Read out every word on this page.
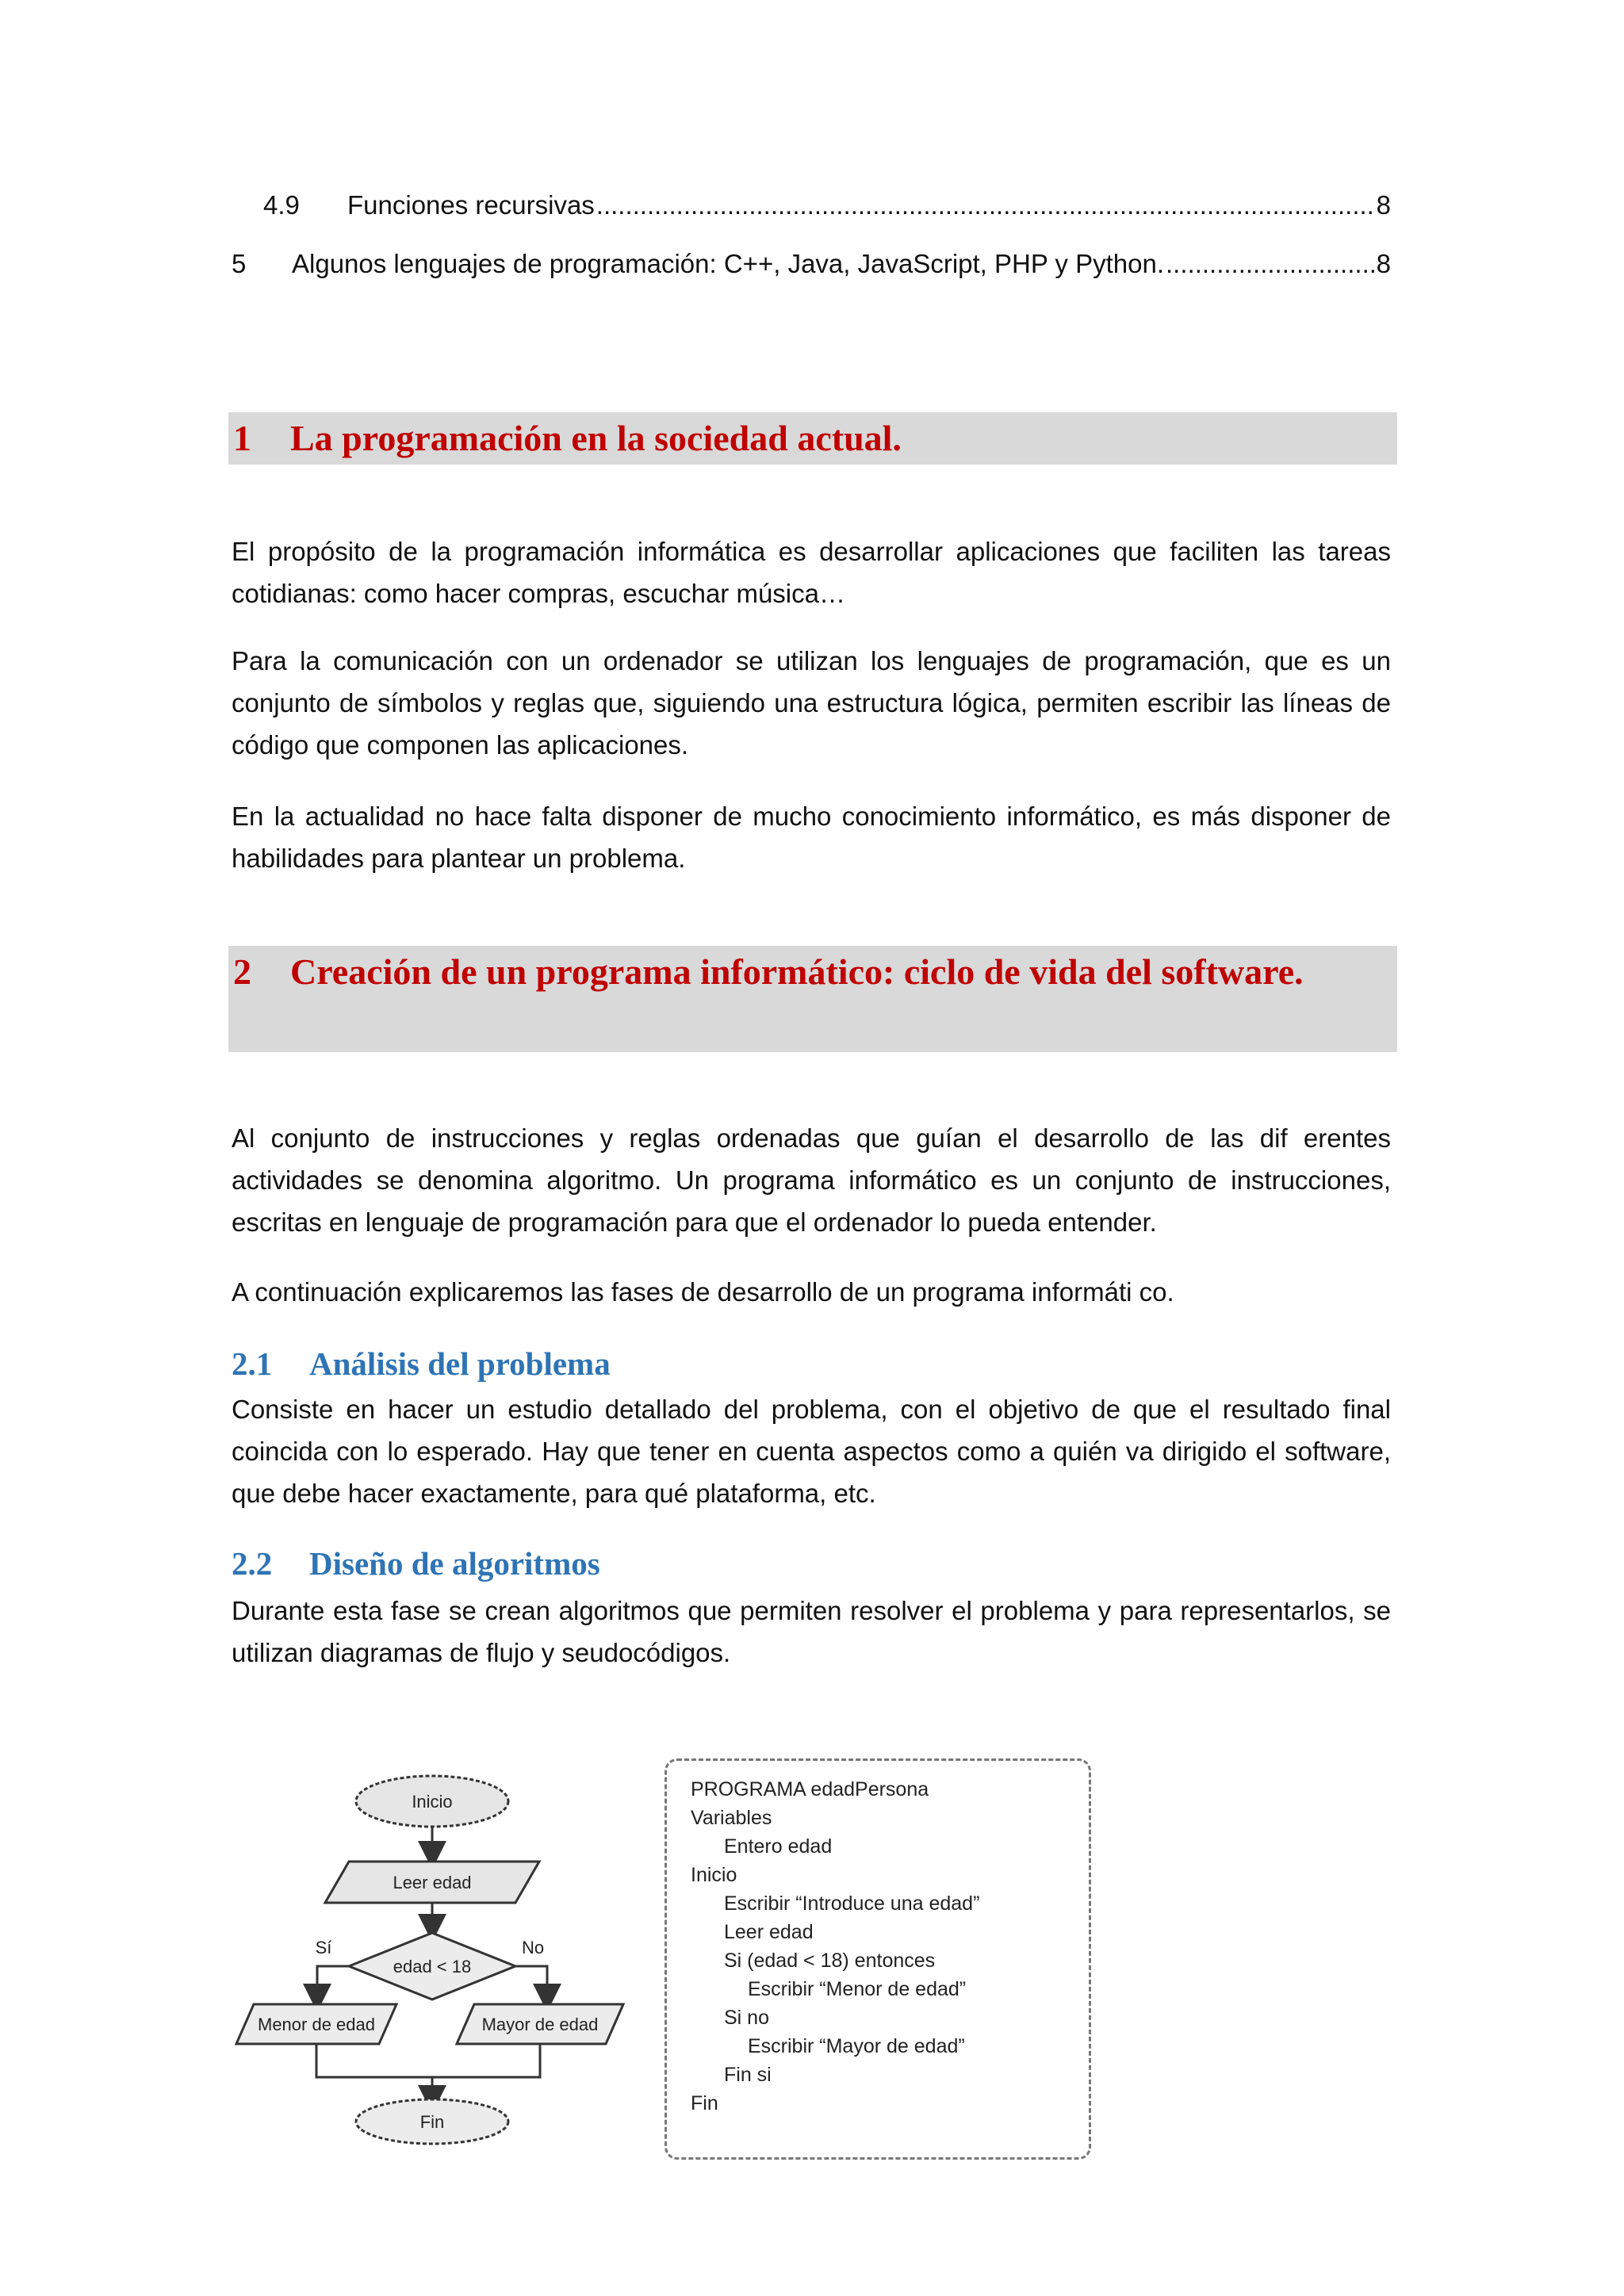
4.9	Funciones recursivas .....	8
5	Algunos lenguajes de programación: C++, Java, JavaScript, PHP y Python. .....	8
1 La programación en la sociedad actual.
El propósito de la programación informática es desarrollar aplicaciones que faciliten las tareas cotidianas: como hacer compras, escuchar música…
Para la comunicación con un ordenador se utilizan los lenguajes de programación, que es un conjunto de símbolos y reglas que, siguiendo una estructura lógica, permiten escribir las líneas de código que componen las aplicaciones.
En la actualidad no hace falta disponer de mucho conocimiento informático, es más disponer de habilidades para plantear un problema.
2 Creación de un programa informático: ciclo de vida del software.
Al conjunto de instrucciones y reglas ordenadas que guían el desarrollo de las dif erentes actividades se denomina algoritmo. Un programa informático es un conjunto de instrucciones, escritas en lenguaje de programación para que el ordenador lo pueda entender.
A continuación explicaremos las fases de desarrollo de un programa informáti co.
2.1 Análisis del problema
Consiste en hacer un estudio detallado del problema, con el objetivo de que el resultado final coincida con lo esperado. Hay que tener en cuenta aspectos como a quién va dirigido el software, que debe hacer exactamente, para qué plataforma, etc.
2.2 Diseño de algoritmos
Durante esta fase se crean algoritmos que permiten resolver el problema y para representarlos, se utilizan diagramas de flujo y seudocódigos.
Inicio
Leer edad
edad < 18
Sí	No
Menor de edad	Mayor de edad
Fin
PROGRAMA edadPersona
Variables
Entero edad
Inicio
Escribir “Introduce una edad”
Leer edad
Si (edad < 18) entonces
Escribir “Menor de edad”
Si no
Escribir “Mayor de edad”
Fin si
Fin
